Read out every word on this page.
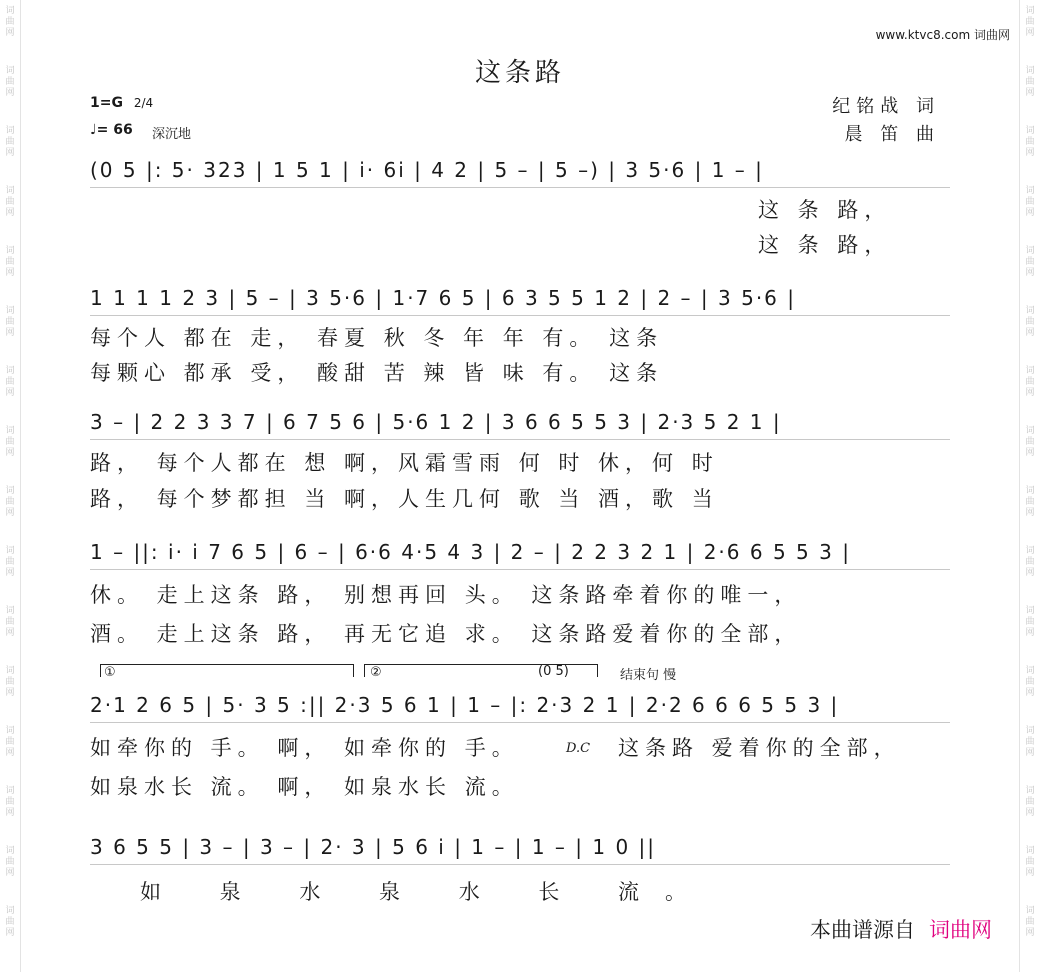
词
曲
网
词
曲
网
词
曲
网
词
曲
网
词
曲
网
词
曲
网
词
曲
网
词
曲
网
词
曲
网
词
曲
网
词
曲
网
词
曲
网
词
曲
网
词
曲
网
词
曲
网
词
曲
网
词
曲
网
词
曲
网
词
曲
网
词
曲
网
词
曲
网
词
曲
网
词
曲
网
词
曲
网
词
曲
网
词
曲
网
词
曲
网
词
曲
网
词
曲
网
词
曲
网
词
曲
网
词
曲
网
www.ktvc8.com 词曲网
这条路
1=G 2/4
♩= 66 深沉地
纪铭战 词
晨 笛 曲
(0 5 |: 5· 323 | 1 5 1 | i· 6i | 4 2 | 5 – | 5 –) | 3 5·6 | 1 – |
这 条 路，
这 条 路，
1 1 1 1 2 3 | 5 – | 3 5·6 | 1·7 6 5 | 6 3 5 5 1 2 | 2 – | 3 5·6 |
每个人 都在 走， 春夏 秋 冬 年 年 有。 这条
每颗心 都承 受， 酸甜 苦 辣 皆 味 有。 这条
3 – | 2 2 3 3 7 | 6 7 5 6 | 5·6 1 2 | 3 6 6 5 5 3 | 2·3 5 2 1 |
路， 每个人都在 想 啊，风霜雪雨 何 时 休，何 时
路， 每个梦都担 当 啊，人生几何 歌 当 酒，歌 当
1 – ||: i· i 7 6 5 | 6 – | 6·6 4·5 4 3 | 2 – | 2 2 3 2 1 | 2·6 6 5 5 3 |
休。 走上这条 路， 别想再回 头。 这条路牵着你的唯一，
酒。 走上这条 路， 再无它追 求。 这条路爱着你的全部，
①	②	(0 5)	结束句 慢
2·1 2 6 5 | 5· 3 5 :|| 2·3 5 6 1 | 1 – |: 2·3 2 1 | 2·2 6 6 6 5 5 3 |
如牵你的 手。 啊， 如牵你的 手。	D.C 这条路 爱着你的全部，
如泉水长 流。 啊， 如泉水长 流。
3 6 5 5 | 3 – | 3 – | 2· 3 | 5 6 i | 1 – | 1 – | 1 0 ||
如 泉 水 泉 水 长 流。
本曲谱源自 词曲网
